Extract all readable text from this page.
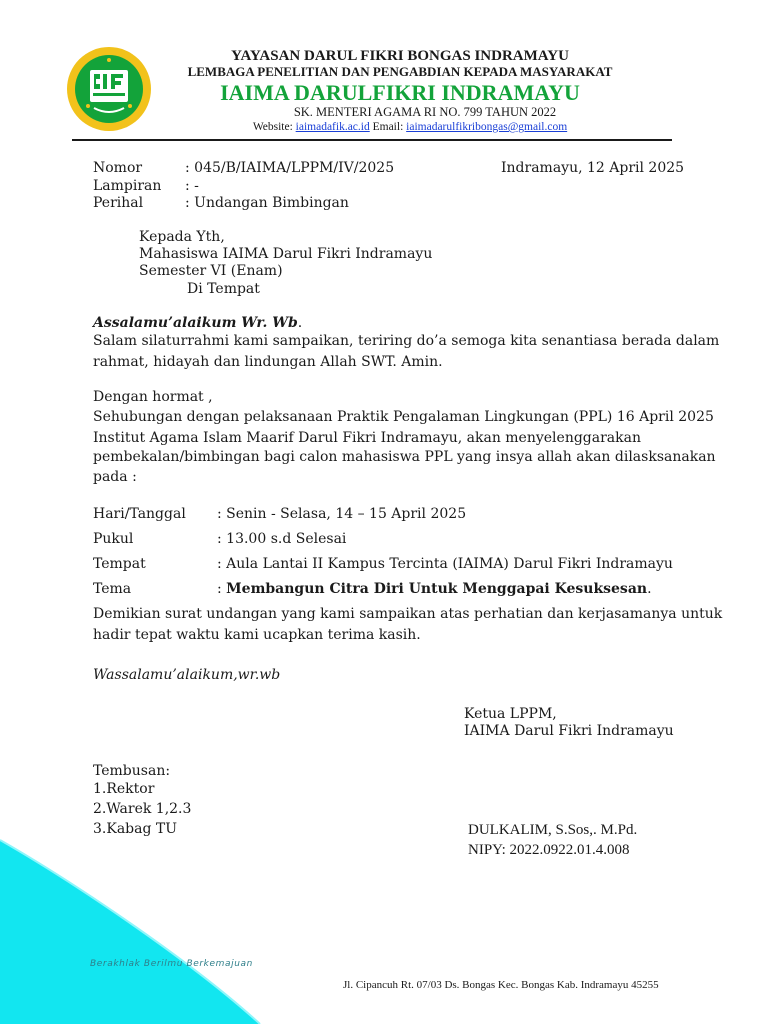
YAYASAN DARUL FIKRI BONGAS INDRAMAYU
LEMBAGA PENELITIAN DAN PENGABDIAN KEPADA MASYARAKAT
IAIMA DARULFIKRI INDRAMAYU
SK. MENTERI AGAMA RI NO. 799 TAHUN 2022
Website: iaimadafik.ac.id Email: iaimadarulfikribongas@gmail.com
Nomor	: 045/B/IAIMA/LPPM/IV/2025	Indramayu, 12 April 2025
Lampiran : -
Perihal	: Undangan Bimbingan
Kepada Yth,
Mahasiswa IAIMA Darul Fikri Indramayu
Semester VI (Enam)
Di Tempat
Assalamu’alaikum Wr. Wb.
Salam silaturrahmi kami sampaikan, teriring do’a semoga kita senantiasa berada dalam
rahmat, hidayah dan lindungan Allah SWT. Amin.
Dengan hormat ,
Sehubungan dengan pelaksanaan Praktik Pengalaman Lingkungan (PPL) 16 April 2025
Institut Agama Islam Maarif Darul Fikri Indramayu, akan menyelenggarakan
pembekalan/bimbingan bagi calon mahasiswa PPL yang insya allah akan dilasksanakan
pada :
Hari/Tanggal : Senin - Selasa, 14 – 15 April 2025
Pukul	: 13.00 s.d Selesai
Tempat	: Aula Lantai II Kampus Tercinta (IAIMA) Darul Fikri Indramayu
Tema	: Membangun Citra Diri Untuk Menggapai Kesuksesan.
Demikian surat undangan yang kami sampaikan atas perhatian dan kerjasamanya untuk
hadir tepat waktu kami ucapkan terima kasih.
Wassalamu’alaikum,wr.wb
Ketua LPPM,
IAIMA Darul Fikri Indramayu
DULKALIM, S.Sos,. M.Pd.
NIPY: 2022.0922.01.4.008
Tembusan:
1.Rektor
2.Warek 1,2.3
3.Kabag TU
Berakhlak Berilmu Berkemajuan
Jl. Cipancuh Rt. 07/03 Ds. Bongas Kec. Bongas Kab. Indramayu 45255
